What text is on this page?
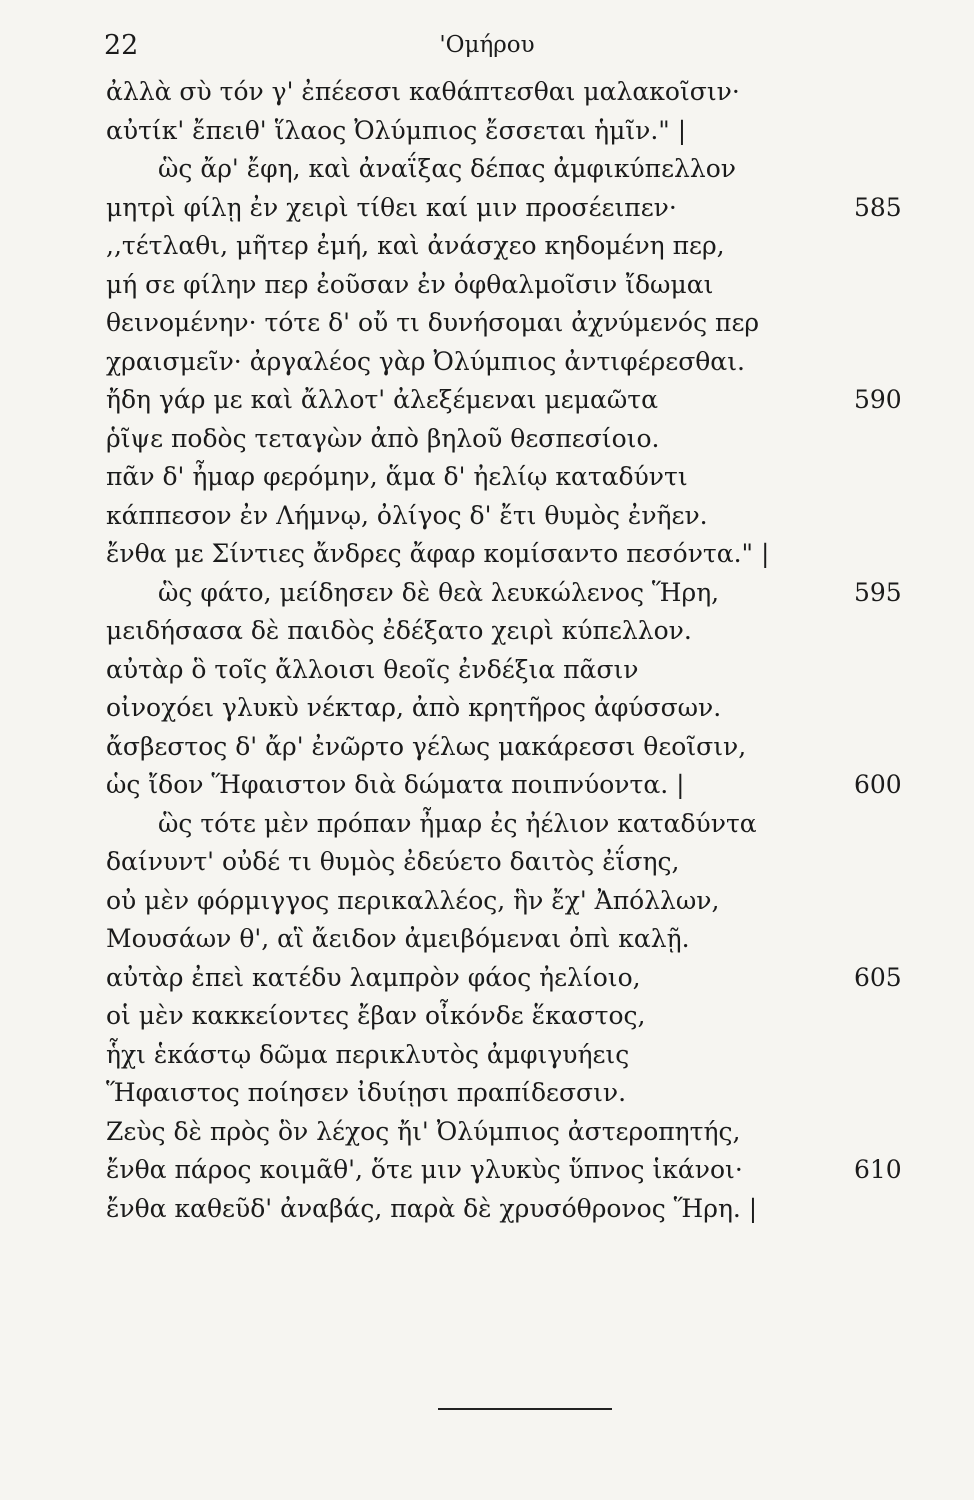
22	'Ομήρου
ἀλλὰ σὺ τόν γ' ἐπέεσσι καθάπτεσθαι μαλακοῖσιν·
αὐτίκ' ἔπειθ' ἵλαος Ὀλύμπιος ἔσσεται ἡμῖν." |
ὣς ἄρ' ἔφη, καὶ ἀναΐξας δέπας ἀμφικύπελλον
μητρὶ φίλῃ ἐν χειρὶ τίθει καί μιν προσέειπεν·	585
,,τέτλαθι, μῆτερ ἐμή, καὶ ἀνάσχεο κηδομένη περ,
μή σε φίλην περ ἐοῦσαν ἐν ὀφθαλμοῖσιν ἴδωμαι
θεινομένην· τότε δ' οὔ τι δυνήσομαι ἀχνύμενός περ
χραισμεῖν· ἀργαλέος γὰρ Ὀλύμπιος ἀντιφέρεσθαι.
ἤδη γάρ με καὶ ἄλλοτ' ἀλεξέμεναι μεμαῶτα	590
ῥῖψε ποδὸς τεταγὼν ἀπὸ βηλοῦ θεσπεσίοιο.
πᾶν δ' ἦμαρ φερόμην, ἅμα δ' ἠελίῳ καταδύντι
κάππεσον ἐν Λήμνῳ, ὀλίγος δ' ἔτι θυμὸς ἐνῆεν.
ἔνθα με Σίντιες ἄνδρες ἄφαρ κομίσαντο πεσόντα." |
ὣς φάτο, μείδησεν δὲ θεὰ λευκώλενος Ἥρη,	595
μειδήσασα δὲ παιδὸς ἐδέξατο χειρὶ κύπελλον.
αὐτὰρ ὃ τοῖς ἄλλοισι θεοῖς ἐνδέξια πᾶσιν
οἰνοχόει γλυκὺ νέκταρ, ἀπὸ κρητῆρος ἀφύσσων.
ἄσβεστος δ' ἄρ' ἐνῶρτο γέλως μακάρεσσι θεοῖσιν,
ὡς ἴδον Ἥφαιστον διὰ δώματα ποιπνύοντα. |	600
ὣς τότε μὲν πρόπαν ἦμαρ ἐς ἠέλιον καταδύντα
δαίνυντ' οὐδέ τι θυμὸς ἐδεύετο δαιτὸς ἐΐσης,
οὐ μὲν φόρμιγγος περικαλλέος, ἣν ἔχ' Ἀπόλλων,
Μουσάων θ', αἳ ἄειδον ἀμειβόμεναι ὀπὶ καλῇ.
αὐτὰρ ἐπεὶ κατέδυ λαμπρὸν φάος ἠελίοιο,	605
οἱ μὲν κακκείοντες ἔβαν οἶκόνδε ἕκαστος,
ἧχι ἑκάστῳ δῶμα περικλυτὸς ἀμφιγυήεις
Ἥφαιστος ποίησεν ἰδυίῃσι πραπίδεσσιν.
Ζεὺς δὲ πρὸς ὃν λέχος ἤι' Ὀλύμπιος ἀστεροπητής,
ἔνθα πάρος κοιμᾶθ', ὅτε μιν γλυκὺς ὕπνος ἱκάνοι·	610
ἔνθα καθεῦδ' ἀναβάς, παρὰ δὲ χρυσόθρονος Ἥρη. |
